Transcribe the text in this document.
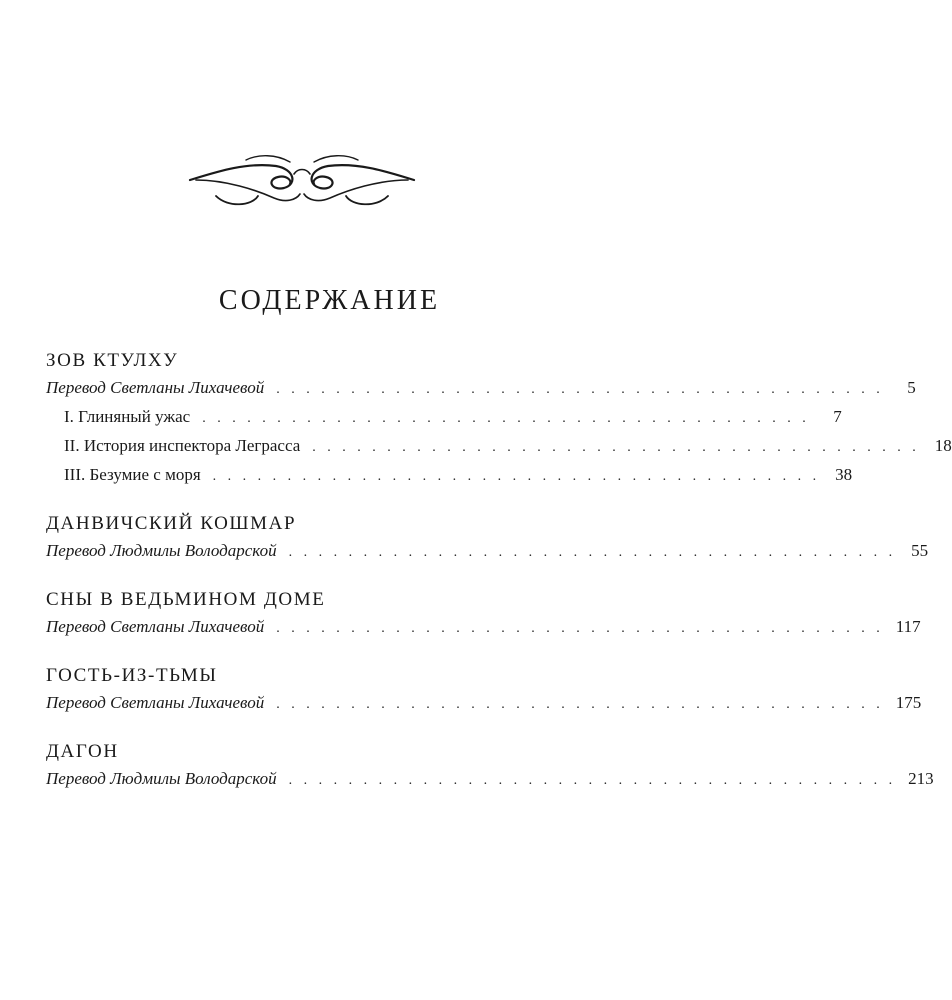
СОДЕРЖАНИЕ
ЗОВ КТУЛХУ
Перевод Светланы Лихачевой . . . . . . . . . . . . . . . . . . . . . . . . . . . . . . . . . . . . . . . . .	5
I. Глиняный ужас . . . . . . . . . . . . . . . . . . . . . . . . . . . . . . . . . . . . . . . . .	7
II. История инспектора Леграсса . . . . . . . . . . . . . . . . . . . . . . . . . . . . . . . . . . . . . . . . . 18
III. Безумие с моря . . . . . . . . . . . . . . . . . . . . . . . . . . . . . . . . . . . . . . . . . 38
ДАНВИЧСКИЙ КОШМАР
Перевод Людмилы Володарской . . . . . . . . . . . . . . . . . . . . . . . . . . . . . . . . . . . . . . . . . 55
СНЫ В ВЕДЬМИНОМ ДОМЕ
Перевод Светланы Лихачевой . . . . . . . . . . . . . . . . . . . . . . . . . . . . . . . . . . . . . . . . . 117
ГОСТЬ-ИЗ-ТЬМЫ
Перевод Светланы Лихачевой . . . . . . . . . . . . . . . . . . . . . . . . . . . . . . . . . . . . . . . . . 175
ДАГОН
Перевод Людмилы Володарской . . . . . . . . . . . . . . . . . . . . . . . . . . . . . . . . . . . . . . . . . 213
